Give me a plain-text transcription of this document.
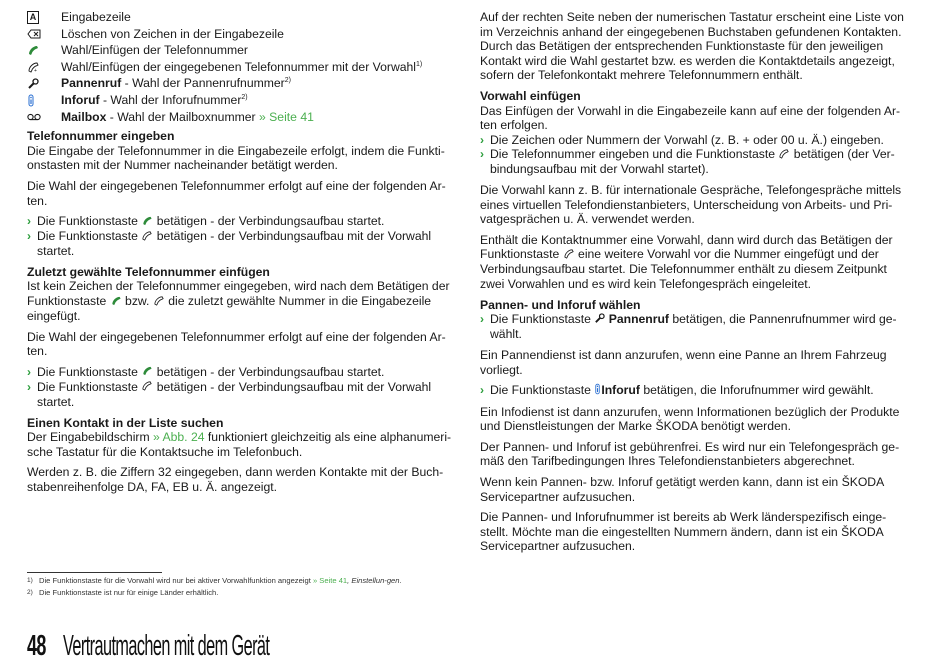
A Eingabezeile
Löschen von Zeichen in der Eingabezeile
Wahl/Einfügen der Telefonnummer
+ Wahl/Einfügen der eingegebenen Telefonnummer mit der Vorwahl$^{1)}$
Pannenruf - Wahl der Pannenrufnummer$^{2)}$
Inforuf - Wahl der Inforufnummer$^{2)}$
Mailbox - Wahl der Mailboxnummer » Seite 41
Telefonnummer eingeben

Die Eingabe der Telefonnummer in die Eingabezeile erfolgt, indem die Funkti-onstasten mit der Nummer nacheinander betätigt werden.

Die Wahl der eingegebenen Telefonnummer erfolgt auf eine der folgenden Ar-ten.

› Die Funktionstaste betätigen - der Verbindungsaufbau startet.
› Die Funktionstaste betätigen - der Verbindungsaufbau mit der Vorwahl startet.
Zuletzt gewählte Telefonnummer einfügen

Ist kein Zeichen der Telefonnummer eingegeben, wird nach dem Betätigen der Funktionstaste bzw. die zuletzt gewählte Nummer in die Eingabezeile eingefügt.

Die Wahl der eingegebenen Telefonnummer erfolgt auf eine der folgenden Ar-ten.

› Die Funktionstaste betätigen - der Verbindungsaufbau startet.
› Die Funktionstaste betätigen - der Verbindungsaufbau mit der Vorwahl startet.
Einen Kontakt in der Liste suchen

Der Eingabebildschirm » Abb. 24 funktioniert gleichzeitig als eine alphanumeri-sche Tastatur für die Kontaktsuche im Telefonbuch.

Werden z. B. die Ziffern 32 eingegeben, dann werden Kontakte mit der Buch-stabenreihenfolge DA, FA, EB u. Ä. angezeigt.

Auf der rechten Seite neben der numerischen Tastatur erscheint eine Liste von im Verzeichnis anhand der eingegebenen Buchstaben gefundenen Kontakten. Durch das Betätigen der entsprechenden Funktionstaste für den jeweiligen Kontakt wird die Wahl gestartet bzw. es werden die Kontaktdetails angezeigt, sofern der Telefonkontakt mehrere Telefonnummern enthält.

Vorwahl einfügen

Das Einfügen der Vorwahl in die Eingabezeile kann auf eine der folgenden Ar-ten erfolgen.

› Die Zeichen oder Nummern der Vorwahl (z. B. + oder 00 u. Ä.) eingeben.
› Die Telefonnummer eingeben und die Funktionstaste betätigen (der Ver-bindungsaufbau mit der Vorwahl startet).

Die Vorwahl kann z. B. für internationale Gespräche, Telefongespräche mittels eines virtuellen Telefondienstanbieters, Unterscheidung von Arbeits- und Pri-vatgesprächen u. Ä. verwendet werden.

Enthält die Kontaktnummer eine Vorwahl, dann wird durch das Betätigen der Funktionstaste eine weitere Vorwahl vor die Nummer eingefügt und der Verbindungsaufbau startet. Die Telefonnummer enthält zu diesem Zeitpunkt zwei Vorwahlen und es wird kein Telefongespräch eingeleitet.

Pannen- und Inforuf wählen
› Die Funktionstaste Pannenruf betätigen, die Pannenrufnummer wird ge-wählt.

Ein Pannendienst ist dann anzurufen, wenn eine Panne an Ihrem Fahrzeug vorliegt.

› Die Funktionstaste Inforuf betätigen, die Inforufnummer wird gewählt.

Ein Infodienst ist dann anzurufen, wenn Informationen bezüglich der Produkte und Dienstleistungen der Marke ŠKODA benötigt werden.

Der Pannen- und Inforuf ist gebührenfrei. Es wird nur ein Telefongespräch ge-mäß den Tarifbedingungen Ihres Telefondienstanbieters abgerechnet.

Wenn kein Pannen- bzw. Inforuf getätigt werden kann, dann ist ein ŠKODA Servicepartner aufzusuchen.

Die Pannen- und Inforufnummer ist bereits ab Werk länderspezifisch einge-stellt. Möchte man die eingestellten Nummern ändern, dann ist ein ŠKODA Servicepartner aufzusuchen.

1) Die Funktionstaste für die Vorwahl wird nur bei aktiver Vorwahlfunktion angezeigt » Seite 41, Einstellun-gen.
2) Die Funktionstaste ist nur für einige Länder erhältlich.
48 Vertrautmachen mit dem Gerät
